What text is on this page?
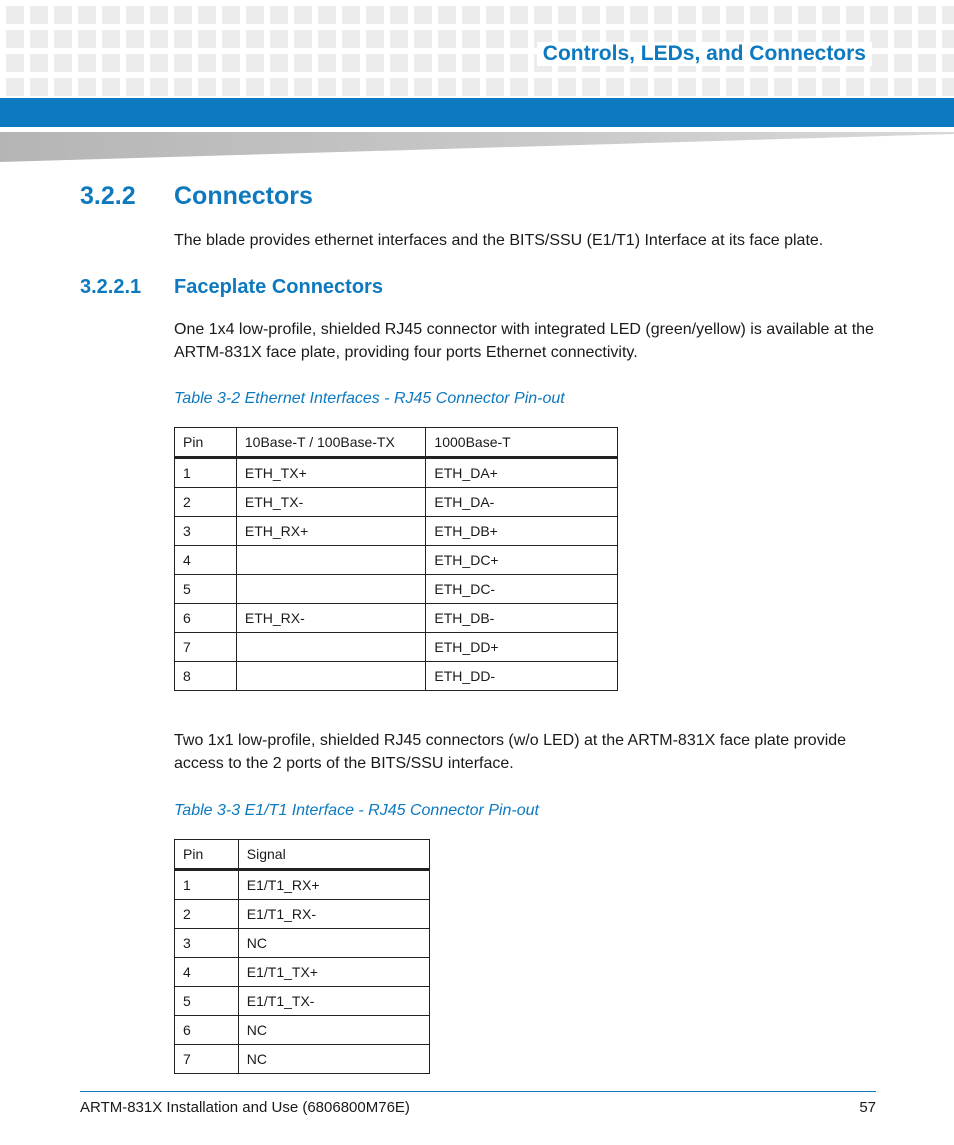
Controls, LEDs, and Connectors
3.2.2 Connectors

The blade provides ethernet interfaces and the BITS/SSU (E1/T1) Interface at its face plate.

3.2.2.1 Faceplate Connectors

One 1x4 low-profile, shielded RJ45 connector with integrated LED (green/yellow) is available at the ARTM-831X face plate, providing four ports Ethernet connectivity.

Table 3-2 Ethernet Interfaces - RJ45 Connector Pin-out

Pin	10Base-T / 100Base-TX	1000Base-T
1	ETH_TX+	ETH_DA+
2	ETH_TX-	ETH_DA-
3	ETH_RX+	ETH_DB+
4		ETH_DC+
5		ETH_DC-
6	ETH_RX-	ETH_DB-
7		ETH_DD+
8		ETH_DD-

Two 1x1 low-profile, shielded RJ45 connectors (w/o LED) at the ARTM-831X face plate provide access to the 2 ports of the BITS/SSU interface.

Table 3-3 E1/T1 Interface - RJ45 Connector Pin-out

Pin	Signal
1	E1/T1_RX+
2	E1/T1_RX-
3	NC
4	E1/T1_TX+
5	E1/T1_TX-
6	NC
7	NC
ARTM-831X Installation and Use (6806800M76E)	57
